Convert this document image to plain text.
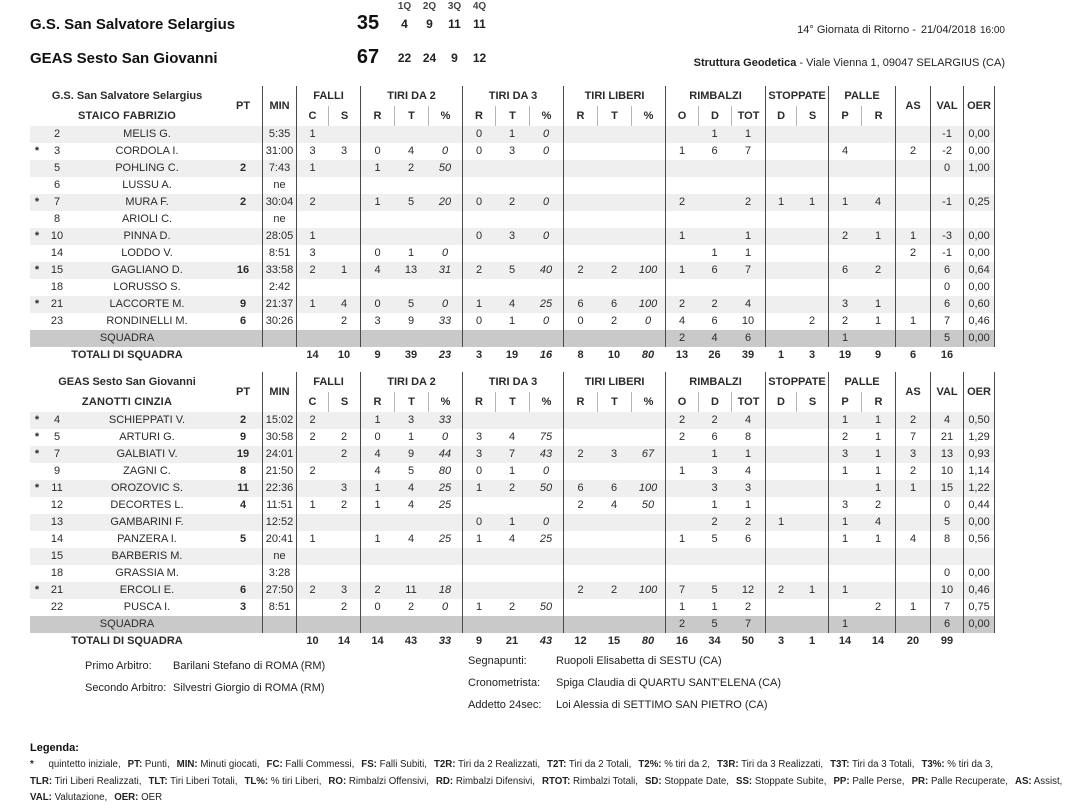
1Q	2Q	3Q	4Q
G.S. San Salvatore Selargius	35	4	9	11	11
GEAS Sesto San Giovanni	67	22 24	9	12
14° Giornata di Ritorno - 21/04/2018 16:00
Struttura Geodetica - Viale Vienna 1, 09047 SELARGIUS (CA)
G.S. San Salvatore Selargius			PT	MIN	FALLI		TIRI DA 2			TIRI DA 3			TIRI LIBERI			RIMBALZI			STOPPATE		PALLE		AS	VAL	OER
STAICO FABRIZIO					C	S	R	T	%	R	T	%	R	T	%	O	D	TOT	D	S	P	R			
	2	MELIS G.		5:35	1					0	1	0					1	1						-1	0,00
*	3	CORDOLA I.		31:00	3	3	0	4	0	0	3	0				1	6	7			4		2	-2	0,00
	5	POHLING C.	2	7:43	1		1	2	50															0	1,00
	6	LUSSU A.		ne																					
*	7	MURA F.	2	30:04	2		1	5	20	0	2	0				2		2	1	1	1	4		-1	0,25
	8	ARIOLI C.		ne																					
*	10	PINNA D.		28:05	1					0	3	0				1		1			2	1	1	-3	0,00
	14	LODDO V.		8:51	3		0	1	0								1	1					2	-1	0,00
*	15	GAGLIANO D.	16	33:58	2	1	4	13	31	2	5	40	2	2	100	1	6	7			6	2		6	0,64
	18	LORUSSO S.		2:42																				0	0,00
*	21	LACCORTE M.	9	21:37	1	4	0	5	0	1	4	25	6	6	100	2	2	4			3	1		6	0,60
	23	RONDINELLI M.	6	30:26		2	3	9	33	0	1	0	0	2	0	4	6	10		2	2	1	1	7	0,46
SQUADRA																2	4	6			1			5	0,00
TOTALI DI SQUADRA					14	10	9	39	23	3	19	16	8	10	80	13	26	39	1	3	19	9	6	16	
GEAS Sesto San Giovanni			PT	MIN	FALLI		TIRI DA 2			TIRI DA 3			TIRI LIBERI			RIMBALZI			STOPPATE		PALLE		AS	VAL	OER
ZANOTTI CINZIA					C	S	R	T	%	R	T	%	R	T	%	O	D	TOT	D	S	P	R			
*	4	SCHIEPPATI V.	2	15:02	2		1	3	33							2	2	4			1	1	2	4	0,50
*	5	ARTURI G.	9	30:58	2	2	0	1	0	3	4	75				2	6	8			2	1	7	21	1,29
*	7	GALBIATI V.	19	24:01		2	4	9	44	3	7	43	2	3	67		1	1			3	1	3	13	0,93
	9	ZAGNI C.	8	21:50	2		4	5	80	0	1	0				1	3	4			1	1	2	10	1,14
*	11	OROZOVIC S.	11	22:36		3	1	4	25	1	2	50	6	6	100		3	3				1	1	15	1,22
	12	DECORTES L.	4	11:51	1	2	1	4	25				2	4	50		1	1			3	2		0	0,44
	13	GAMBARINI F.		12:52						0	1	0					2	2	1		1	4		5	0,00
	14	PANZERA I.	5	20:41	1		1	4	25	1	4	25				1	5	6			1	1	4	8	0,56
	15	BARBERIS M.		ne																					
	18	GRASSIA M.		3:28																				0	0,00
*	21	ERCOLI E.	6	27:50	2	3	2	11	18				2	2	100	7	5	12	2	1	1			10	0,46
	22	PUSCA I.	3	8:51		2	0	2	0	1	2	50				1	1	2				2	1	7	0,75
SQUADRA																2	5	7			1			6	0,00
TOTALI DI SQUADRA					10	14	14	43	33	9	21	43	12	15	80	16	34	50	3	1	14	14	20	99	
Primo Arbitro: Barilani Stefano di ROMA (RM)
Secondo Arbitro: Silvestri Giorgio di ROMA (RM)
Segnapunti:	Ruopoli Elisabetta di SESTU (CA)
Cronometrista: Spiga Claudia di QUARTU SANT'ELENA (CA)
Addetto 24sec: Loi Alessia di SETTIMO SAN PIETRO (CA)
Legenda:
* quintetto iniziale, PT: Punti, MIN: Minuti giocati, FC: Falli Commessi, FS: Falli Subiti, T2R: Tiri da 2 Realizzati, T2T: Tiri da 2 Totali, T2%: % tiri da 2, T3R: Tiri da 3 Realizzati, T3T: Tiri da 3 Totali, T3%: % tiri da 3,
TLR: Tiri Liberi Realizzati, TLT: Tiri Liberi Totali, TL%: % tiri Liberi, RO: Rimbalzi Offensivi, RD: Rimbalzi Difensivi, RTOT: Rimbalzi Totali, SD: Stoppate Date, SS: Stoppate Subite, PP: Palle Perse, PR: Palle Recuperate, AS: Assist,
VAL: Valutazione, OER: OER
